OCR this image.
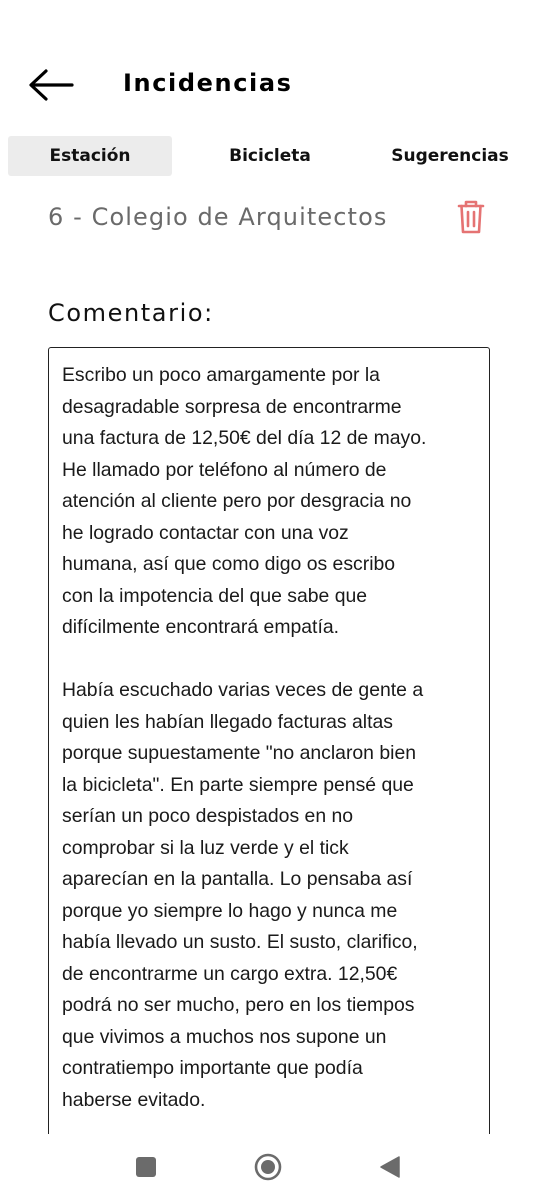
Incidencias
Estación	Bicicleta	Sugerencias
6 - Colegio de Arquitectos
Comentario:

Escribo un poco amargamente por la
desagradable sorpresa de encontrarme
una factura de 12,50€ del día 12 de mayo.
He llamado por teléfono al número de
atención al cliente pero por desgracia no
he logrado contactar con una voz
humana, así que como digo os escribo
con la impotencia del que sabe que
difícilmente encontrará empatía.

Había escuchado varias veces de gente a
quien les habían llegado facturas altas
porque supuestamente "no anclaron bien
la bicicleta". En parte siempre pensé que
serían un poco despistados en no
comprobar si la luz verde y el tick
aparecían en la pantalla. Lo pensaba así
porque yo siempre lo hago y nunca me
había llevado un susto. El susto, clarifico,
de encontrarme un cargo extra. 12,50€
podrá no ser mucho, pero en los tiempos
que vivimos a muchos nos supone un
contratiempo importante que podía
haberse evitado.
